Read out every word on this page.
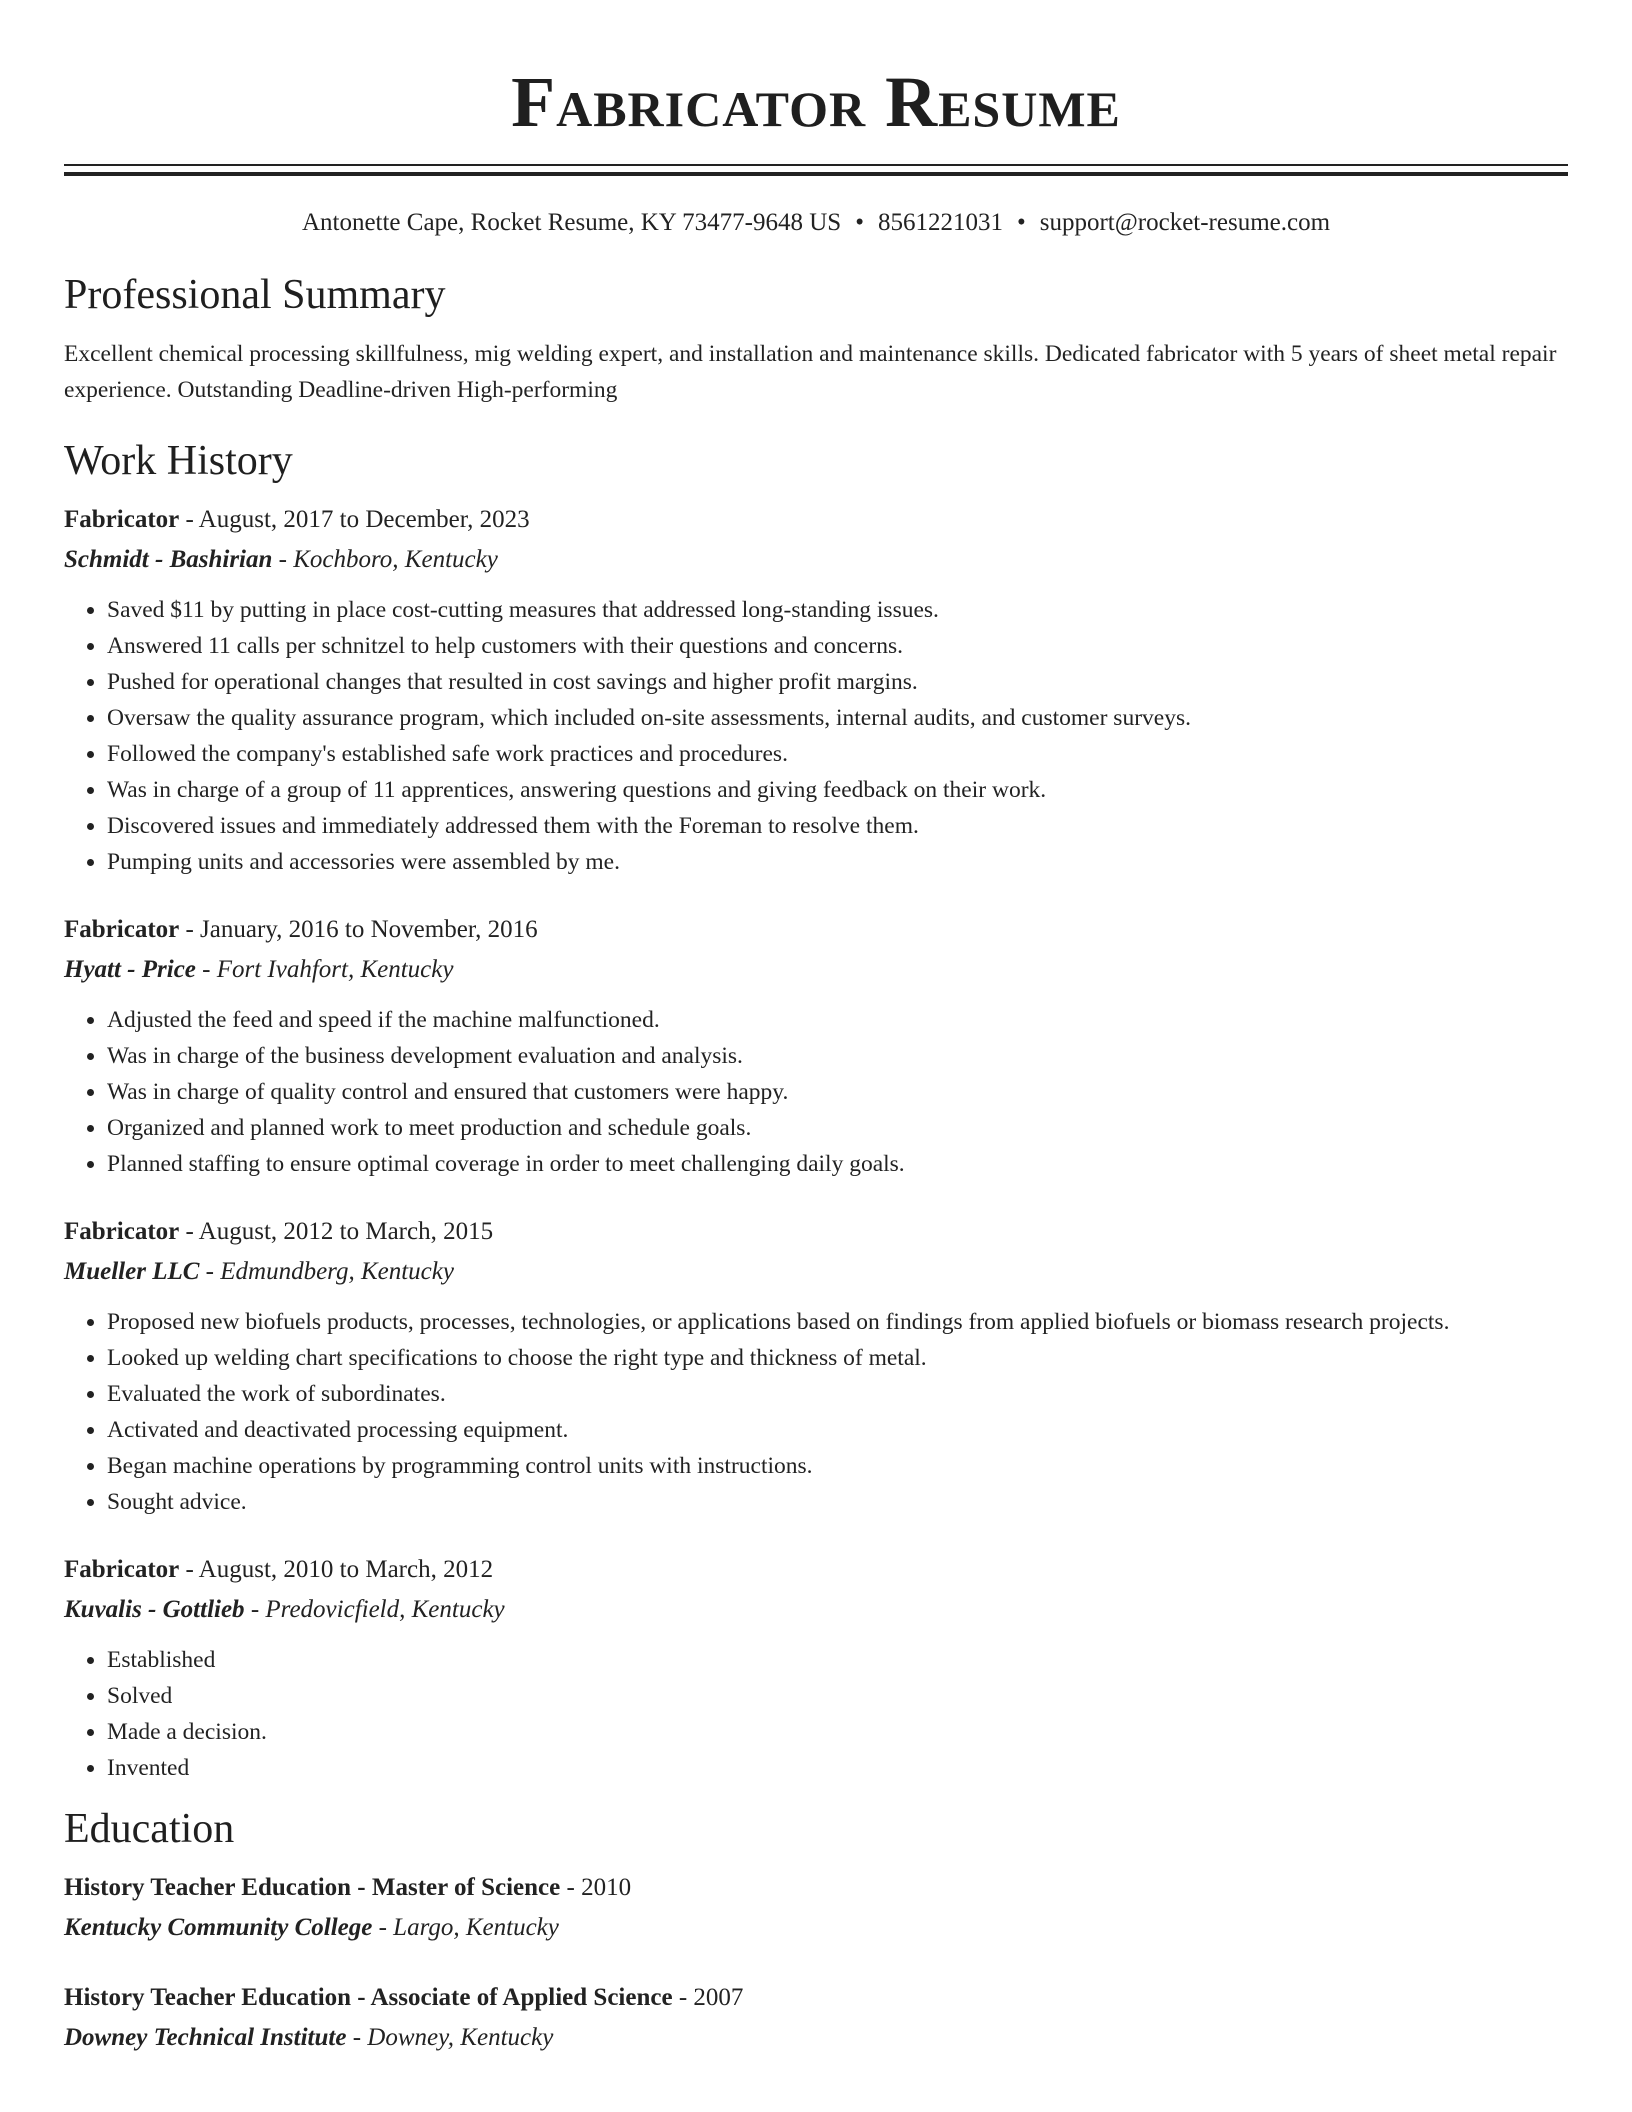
Fabricator Resume
Antonette Cape, Rocket Resume, KY 73477-9648 US • 8561221031 • support@rocket-resume.com
Professional Summary
Excellent chemical processing skillfulness, mig welding expert, and installation and maintenance skills. Dedicated fabricator with 5 years of sheet metal repair experience. Outstanding Deadline-driven High-performing
Work History
Fabricator - August, 2017 to December, 2023
Schmidt - Bashirian - Kochboro, Kentucky
• Saved $11 by putting in place cost-cutting measures that addressed long-standing issues.
• Answered 11 calls per schnitzel to help customers with their questions and concerns.
• Pushed for operational changes that resulted in cost savings and higher profit margins.
• Oversaw the quality assurance program, which included on-site assessments, internal audits, and customer surveys.
• Followed the company's established safe work practices and procedures.
• Was in charge of a group of 11 apprentices, answering questions and giving feedback on their work.
• Discovered issues and immediately addressed them with the Foreman to resolve them.
• Pumping units and accessories were assembled by me.
Fabricator - January, 2016 to November, 2016
Hyatt - Price - Fort Ivahfort, Kentucky
• Adjusted the feed and speed if the machine malfunctioned.
• Was in charge of the business development evaluation and analysis.
• Was in charge of quality control and ensured that customers were happy.
• Organized and planned work to meet production and schedule goals.
• Planned staffing to ensure optimal coverage in order to meet challenging daily goals.
Fabricator - August, 2012 to March, 2015
Mueller LLC - Edmundberg, Kentucky
• Proposed new biofuels products, processes, technologies, or applications based on findings from applied biofuels or biomass research projects.
• Looked up welding chart specifications to choose the right type and thickness of metal.
• Evaluated the work of subordinates.
• Activated and deactivated processing equipment.
• Began machine operations by programming control units with instructions.
• Sought advice.
Fabricator - August, 2010 to March, 2012
Kuvalis - Gottlieb - Predovicfield, Kentucky
• Established
• Solved
• Made a decision.
• Invented
Education
History Teacher Education - Master of Science - 2010
Kentucky Community College - Largo, Kentucky
History Teacher Education - Associate of Applied Science - 2007
Downey Technical Institute - Downey, Kentucky
